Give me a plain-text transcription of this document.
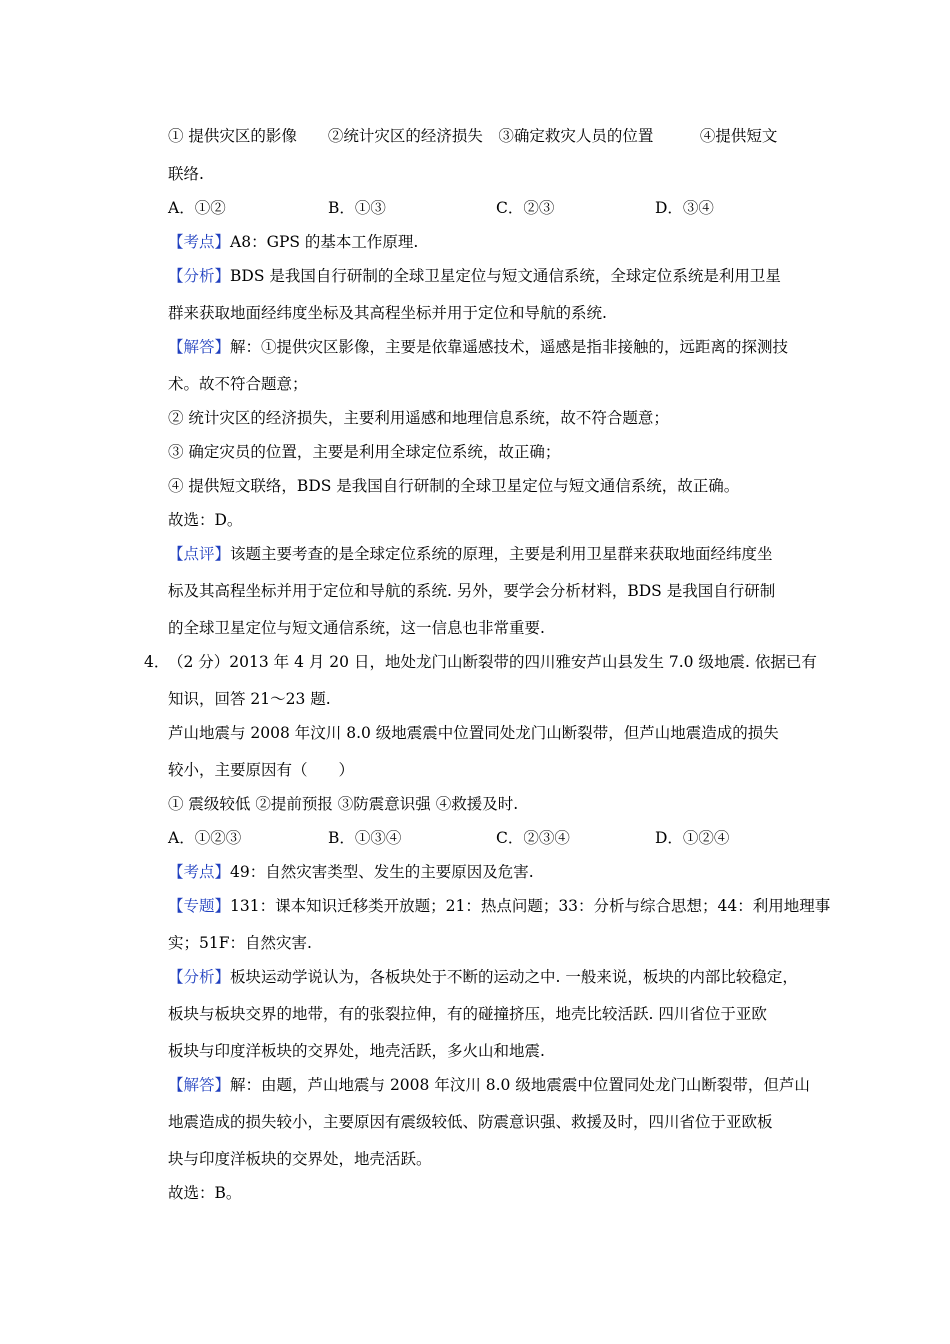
① 提供灾区的影像　　②统计灾区的经济损失　③确定救灾人员的位置　　　④提供短文
联络.
A．①②	B．①③	C．②③	D．③④
【考点】A8：GPS 的基本工作原理.
【分析】BDS 是我国自行研制的全球卫星定位与短文通信系统，全球定位系统是利用卫星
群来获取地面经纬度坐标及其高程坐标并用于定位和导航的系统.
【解答】解：①提供灾区影像，主要是依靠遥感技术，遥感是指非接触的，远距离的探测技
术。故不符合题意；
② 统计灾区的经济损失，主要利用遥感和地理信息系统，故不符合题意；
③ 确定灾员的位置，主要是利用全球定位系统，故正确；
④ 提供短文联络，BDS 是我国自行研制的全球卫星定位与短文通信系统，故正确。
故选：D。
【点评】该题主要考查的是全球定位系统的原理，主要是利用卫星群来获取地面经纬度坐
标及其高程坐标并用于定位和导航的系统. 另外，要学会分析材料，BDS 是我国自行研制
的全球卫星定位与短文通信系统，这一信息也非常重要.
4．
（2 分）2013 年 4 月 20 日，地处龙门山断裂带的四川雅安芦山县发生 7.0 级地震. 依据已有
知识，回答 21～23 题.
芦山地震与 2008 年汶川 8.0 级地震震中位置同处龙门山断裂带，但芦山地震造成的损失
较小，主要原因有（　　）
① 震级较低 ②提前预报 ③防震意识强 ④救援及时.
A．①②③	B．①③④	C．②③④	D．①②④
【考点】49：自然灾害类型、发生的主要原因及危害.
【专题】131：课本知识迁移类开放题；21：热点问题；33：分析与综合思想；44：利用地理事
实；51F：自然灾害.
【分析】板块运动学说认为，各板块处于不断的运动之中. 一般来说，板块的内部比较稳定，
板块与板块交界的地带，有的张裂拉伸，有的碰撞挤压，地壳比较活跃. 四川省位于亚欧
板块与印度洋板块的交界处，地壳活跃，多火山和地震.
【解答】解：由题，芦山地震与 2008 年汶川 8.0 级地震震中位置同处龙门山断裂带，但芦山
地震造成的损失较小，主要原因有震级较低、防震意识强、救援及时，四川省位于亚欧板
块与印度洋板块的交界处，地壳活跃。
故选：B。
